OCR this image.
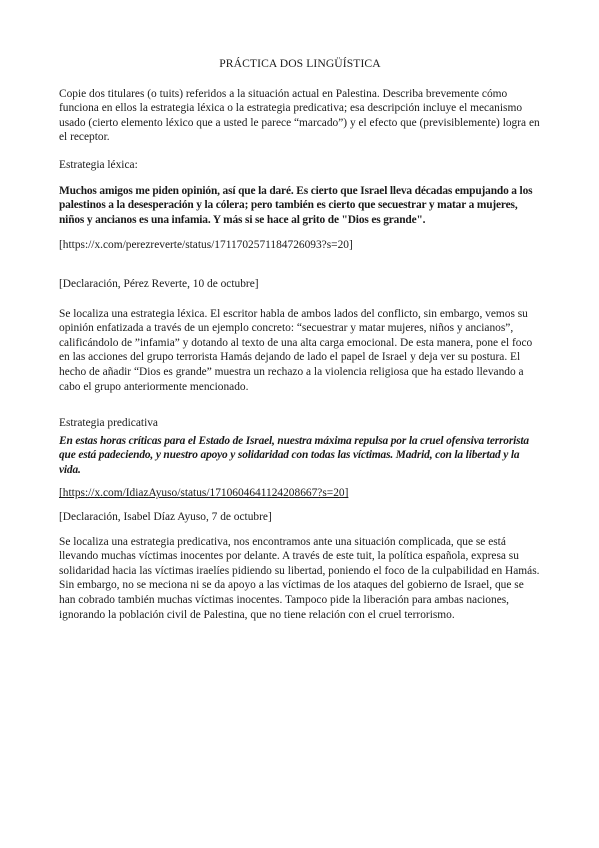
PRÁCTICA DOS LINGÜÍSTICA

Copie dos titulares (o tuits) referidos a la situación actual en Palestina. Describa brevemente cómo funciona en ellos la estrategia léxica o la estrategia predicativa; esa descripción incluye el mecanismo usado (cierto elemento léxico que a usted le parece “marcado”) y el efecto que (previsiblemente) logra en el receptor.

Estrategia léxica:

Muchos amigos me piden opinión, así que la daré. Es cierto que Israel lleva décadas empujando a los palestinos a la desesperación y la cólera; pero también es cierto que secuestrar y matar a mujeres, niños y ancianos es una infamia. Y más si se hace al grito de "Dios es grande".

[https://x.com/perezreverte/status/1711702571184726093?s=20]

[Declaración, Pérez Reverte, 10 de octubre]

Se localiza una estrategia léxica. El escritor habla de ambos lados del conflicto, sin embargo, vemos su opinión enfatizada a través de un ejemplo concreto: “secuestrar y matar mujeres, niños y ancianos”, calificándolo de ”infamia” y dotando al texto de una alta carga emocional. De esta manera, pone el foco en las acciones del grupo terrorista Hamás dejando de lado el papel de Israel y deja ver su postura. El hecho de añadir “Dios es grande” muestra un rechazo a la violencia religiosa que ha estado llevando a cabo el grupo anteriormente mencionado.

Estrategia predicativa

En estas horas críticas para el Estado de Israel, nuestra máxima repulsa por la cruel ofensiva terrorista que está padeciendo, y nuestro apoyo y solidaridad con todas las víctimas. Madrid, con la libertad y la vida.

[https://x.com/IdiazAyuso/status/1710604641124208667?s=20]

[Declaración, Isabel Díaz Ayuso, 7 de octubre]

Se localiza una estrategia predicativa, nos encontramos ante una situación complicada, que se está llevando muchas víctimas inocentes por delante. A través de este tuit, la política española, expresa su solidaridad hacia las víctimas iraelíes pidiendo su libertad, poniendo el foco de la culpabilidad en Hamás. Sin embargo, no se meciona ni se da apoyo a las víctimas de los ataques del gobierno de Israel, que se han cobrado también muchas víctimas inocentes. Tampoco pide la liberación para ambas naciones, ignorando la población civil de Palestina, que no tiene relación con el cruel terrorismo.
